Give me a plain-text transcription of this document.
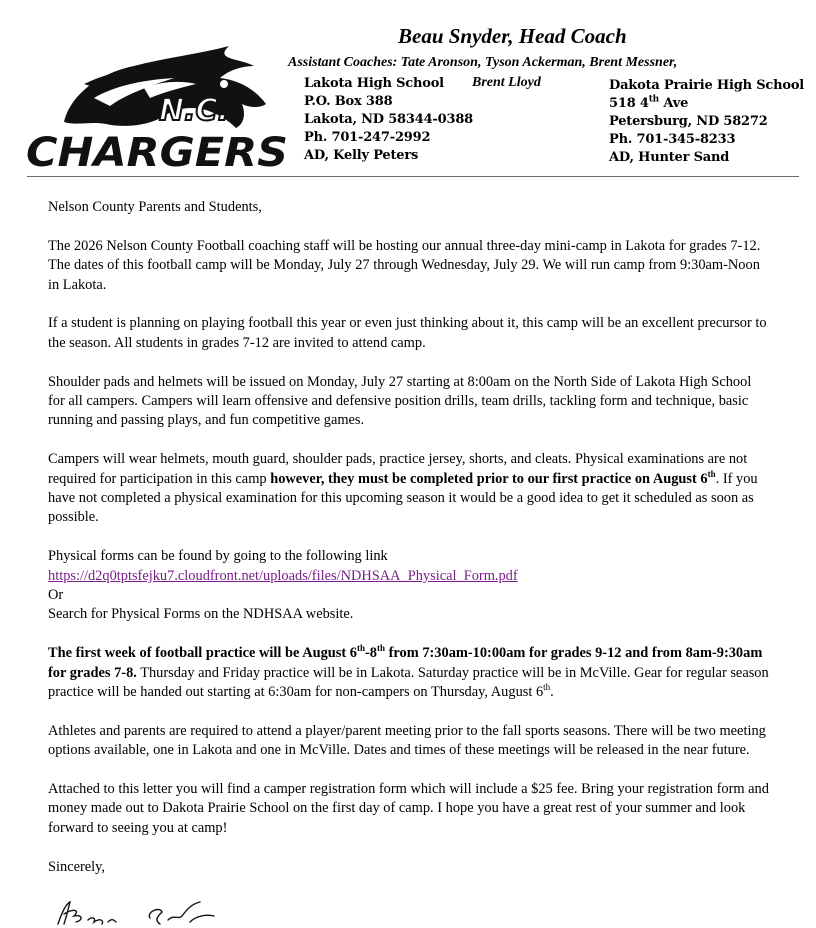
N.C.
CHARGERS
Beau Snyder, Head Coach
Assistant Coaches: Tate Aronson, Tyson Ackerman, Brent Messner,
Brent Lloyd
Lakota High School
P.O. Box 388
Lakota, ND 58344-0388
Ph. 701-247-2992
AD, Kelly Peters
Dakota Prairie High School
518 4th Ave
Petersburg, ND 58272
Ph. 701-345-8233
AD, Hunter Sand

Nelson County Parents and Students,

The 2026 Nelson County Football coaching staff will be hosting our annual three-day mini-camp in Lakota for grades 7-12. The dates of this football camp will be Monday, July 27 through Wednesday, July 29. We will run camp from 9:30am-Noon in Lakota.

If a student is planning on playing football this year or even just thinking about it, this camp will be an excellent precursor to the season. All students in grades 7-12 are invited to attend camp.

Shoulder pads and helmets will be issued on Monday, July 27 starting at 8:00am on the North Side of Lakota High School for all campers. Campers will learn offensive and defensive position drills, team drills, tackling form and technique, basic running and passing plays, and fun competitive games.

Campers will wear helmets, mouth guard, shoulder pads, practice jersey, shorts, and cleats. Physical examinations are not required for participation in this camp however, they must be completed prior to our first practice on August 6th. If you have not completed a physical examination for this upcoming season it would be a good idea to get it scheduled as soon as possible.

Physical forms can be found by going to the following link
https://d2q0tptsfejku7.cloudfront.net/uploads/files/NDHSAA_Physical_Form.pdf
Or
Search for Physical Forms on the NDHSAA website.

The first week of football practice will be August 6th-8th from 7:30am-10:00am for grades 9-12 and from 8am-9:30am for grades 7-8. Thursday and Friday practice will be in Lakota. Saturday practice will be in McVille. Gear for regular season practice will be handed out starting at 6:30am for non-campers on Thursday, August 6th.

Athletes and parents are required to attend a player/parent meeting prior to the fall sports seasons. There will be two meeting options available, one in Lakota and one in McVille. Dates and times of these meetings will be released in the near future.

Attached to this letter you will find a camper registration form which will include a $25 fee. Bring your registration form and money made out to Dakota Prairie School on the first day of camp. I hope you have a great rest of your summer and look forward to seeing you at camp!

Sincerely,
